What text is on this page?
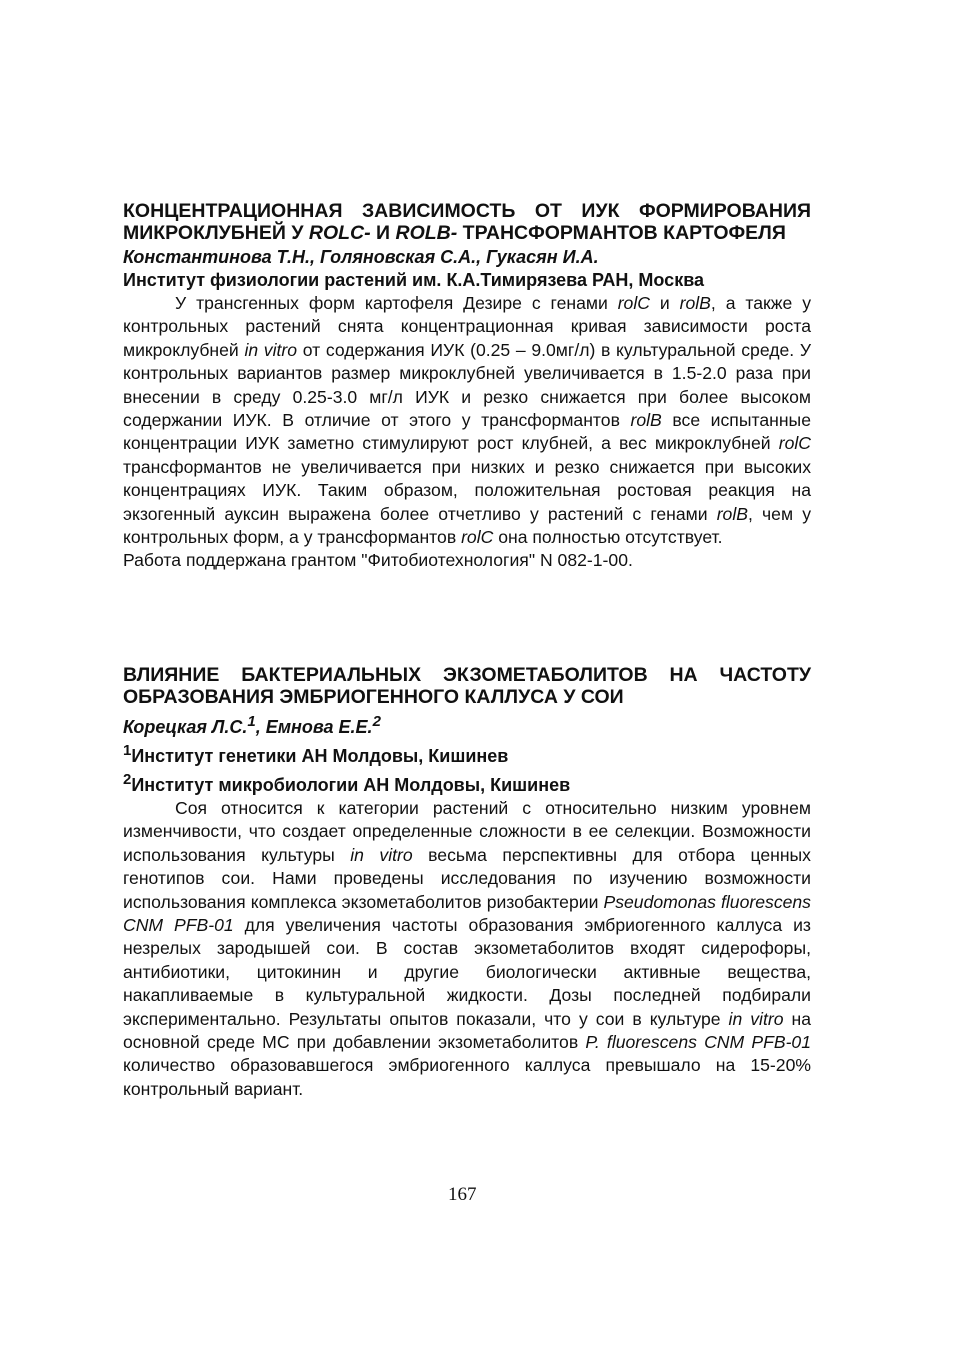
КОНЦЕНТРАЦИОННАЯ ЗАВИСИМОСТЬ ОТ ИУК ФОРМИРОВАНИЯ МИКРОКЛУБНЕЙ У ROLC- И ROLB- ТРАНСФОРМАНТОВ КАРТОФЕЛЯ

Константинова Т.Н., Голяновская С.А., Гукасян И.А.

Институт физиологии растений им. К.А.Тимирязева РАН, Москва

У трансгенных форм картофеля Дезире с генами rolC и rolB, а также у контрольных растений снята концентрационная кривая зависимости роста микроклубней in vitro от содержания ИУК (0.25 – 9.0мг/л) в культуральной среде. У контрольных вариантов размер микроклубней увеличивается в 1.5-2.0 раза при внесении в среду 0.25-3.0 мг/л ИУК и резко снижается при более высоком содержании ИУК. В отличие от этого у трансформантов rolB все испытанные концентрации ИУК заметно стимулируют рост клубней, а вес микроклубней rolC трансформантов не увеличивается при низких и резко снижается при высоких концентрациях ИУК. Таким образом, положительная ростовая реакция на экзогенный ауксин выражена более отчетливо у растений с генами rolB, чем у контрольных форм, а у трансформантов rolC она полностью отсутствует.

Работа поддержана грантом "Фитобиотехнология" N 082-1-00.

ВЛИЯНИЕ БАКТЕРИАЛЬНЫХ ЭКЗОМЕТАБОЛИТОВ НА ЧАСТОТУ ОБРАЗОВАНИЯ ЭМБРИОГЕННОГО КАЛЛУСА У СОИ

Корецкая Л.С.$^1$, Емнова Е.Е.$^2$

$^1$Институт генетики АН Молдовы, Кишинев

$^2$Институт микробиологии АН Молдовы, Кишинев

Соя относится к категории растений с относительно низким уровнем изменчивости, что создает определенные сложности в ее селекции. Возможности использования культуры in vitro весьма перспективны для отбора ценных генотипов сои. Нами проведены исследования по изучению возможности использования комплекса экзометаболитов ризобактерии Pseudomonas fluorescens CNM PFB-01 для увеличения частоты образования эмбриогенного каллуса из незрелых зародышей сои. В состав экзометаболитов входят сидерофоры, антибиотики, цитокинин и другие биологически активные вещества, накапливаемые в культуральной жидкости. Дозы последней подбирали экспериментально. Результаты опытов показали, что у сои в культуре in vitro на основной среде МС при добавлении экзометаболитов P. fluorescens CNM PFB-01 количество образовавшегося эмбриогенного каллуса превышало на 15-20% контрольный вариант.

167
